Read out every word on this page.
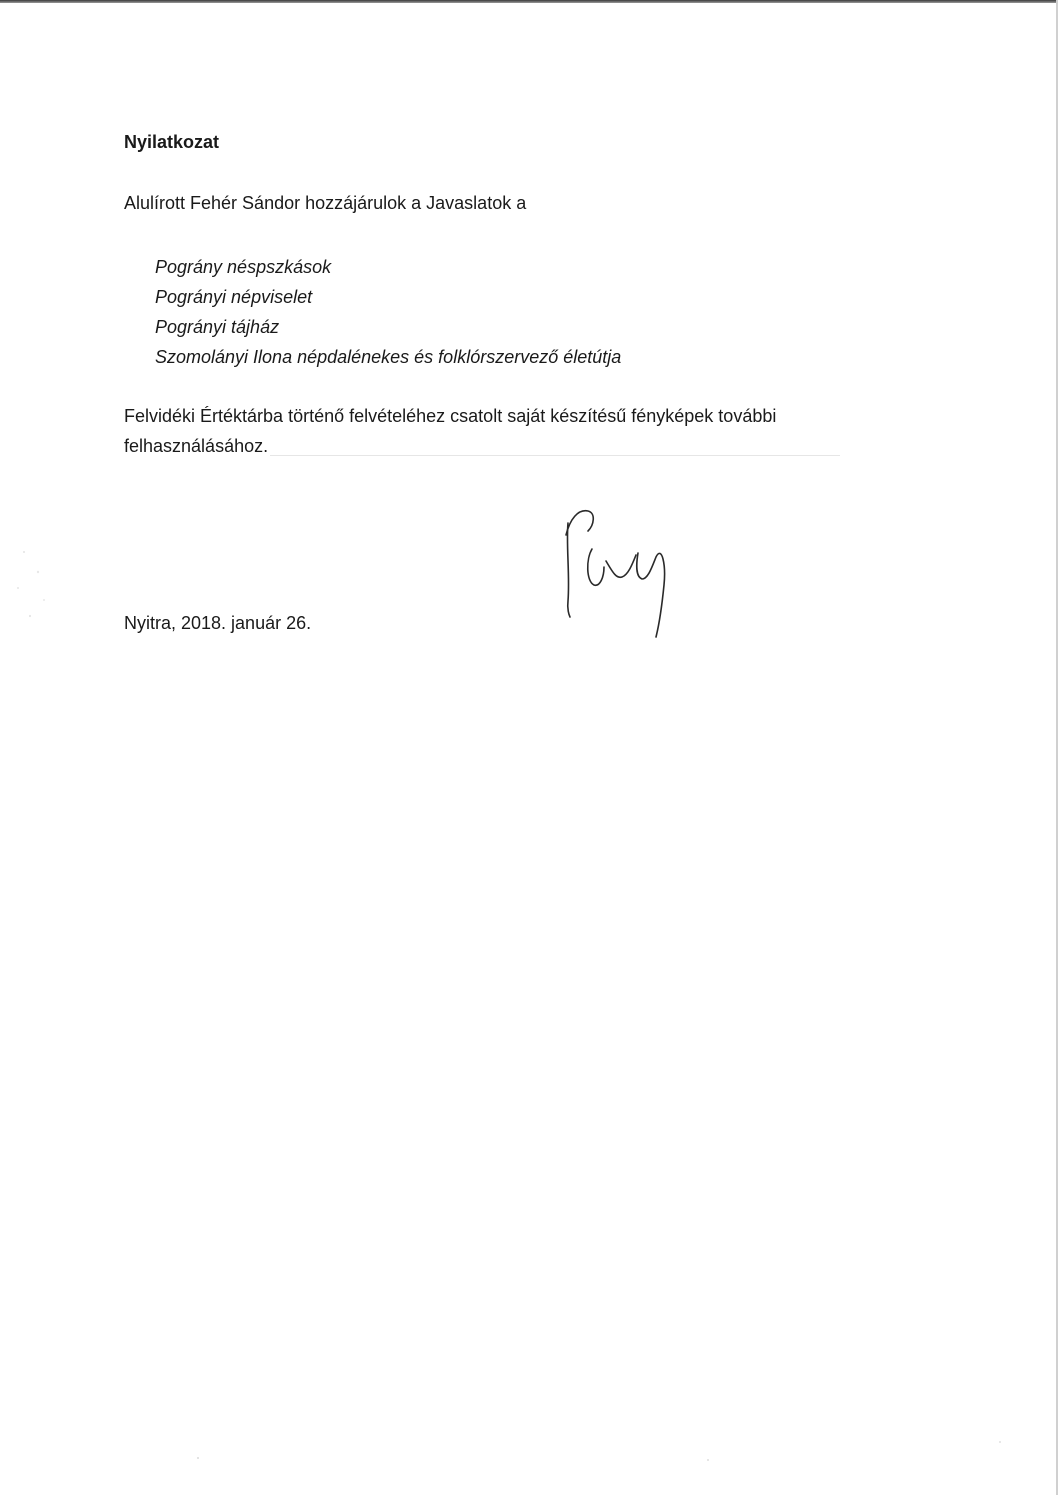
Nyilatkozat
Alulírott Fehér Sándor hozzájárulok a Javaslatok a
Pográny néspszkások
Pogrányi népviselet
Pogrányi tájház
Szomolányi Ilona népdalénekes és folklórszervező életútja
Felvidéki Értéktárba történő felvételéhez csatolt saját készítésű fényképek további felhasználásához.
Nyitra, 2018. január 26.
